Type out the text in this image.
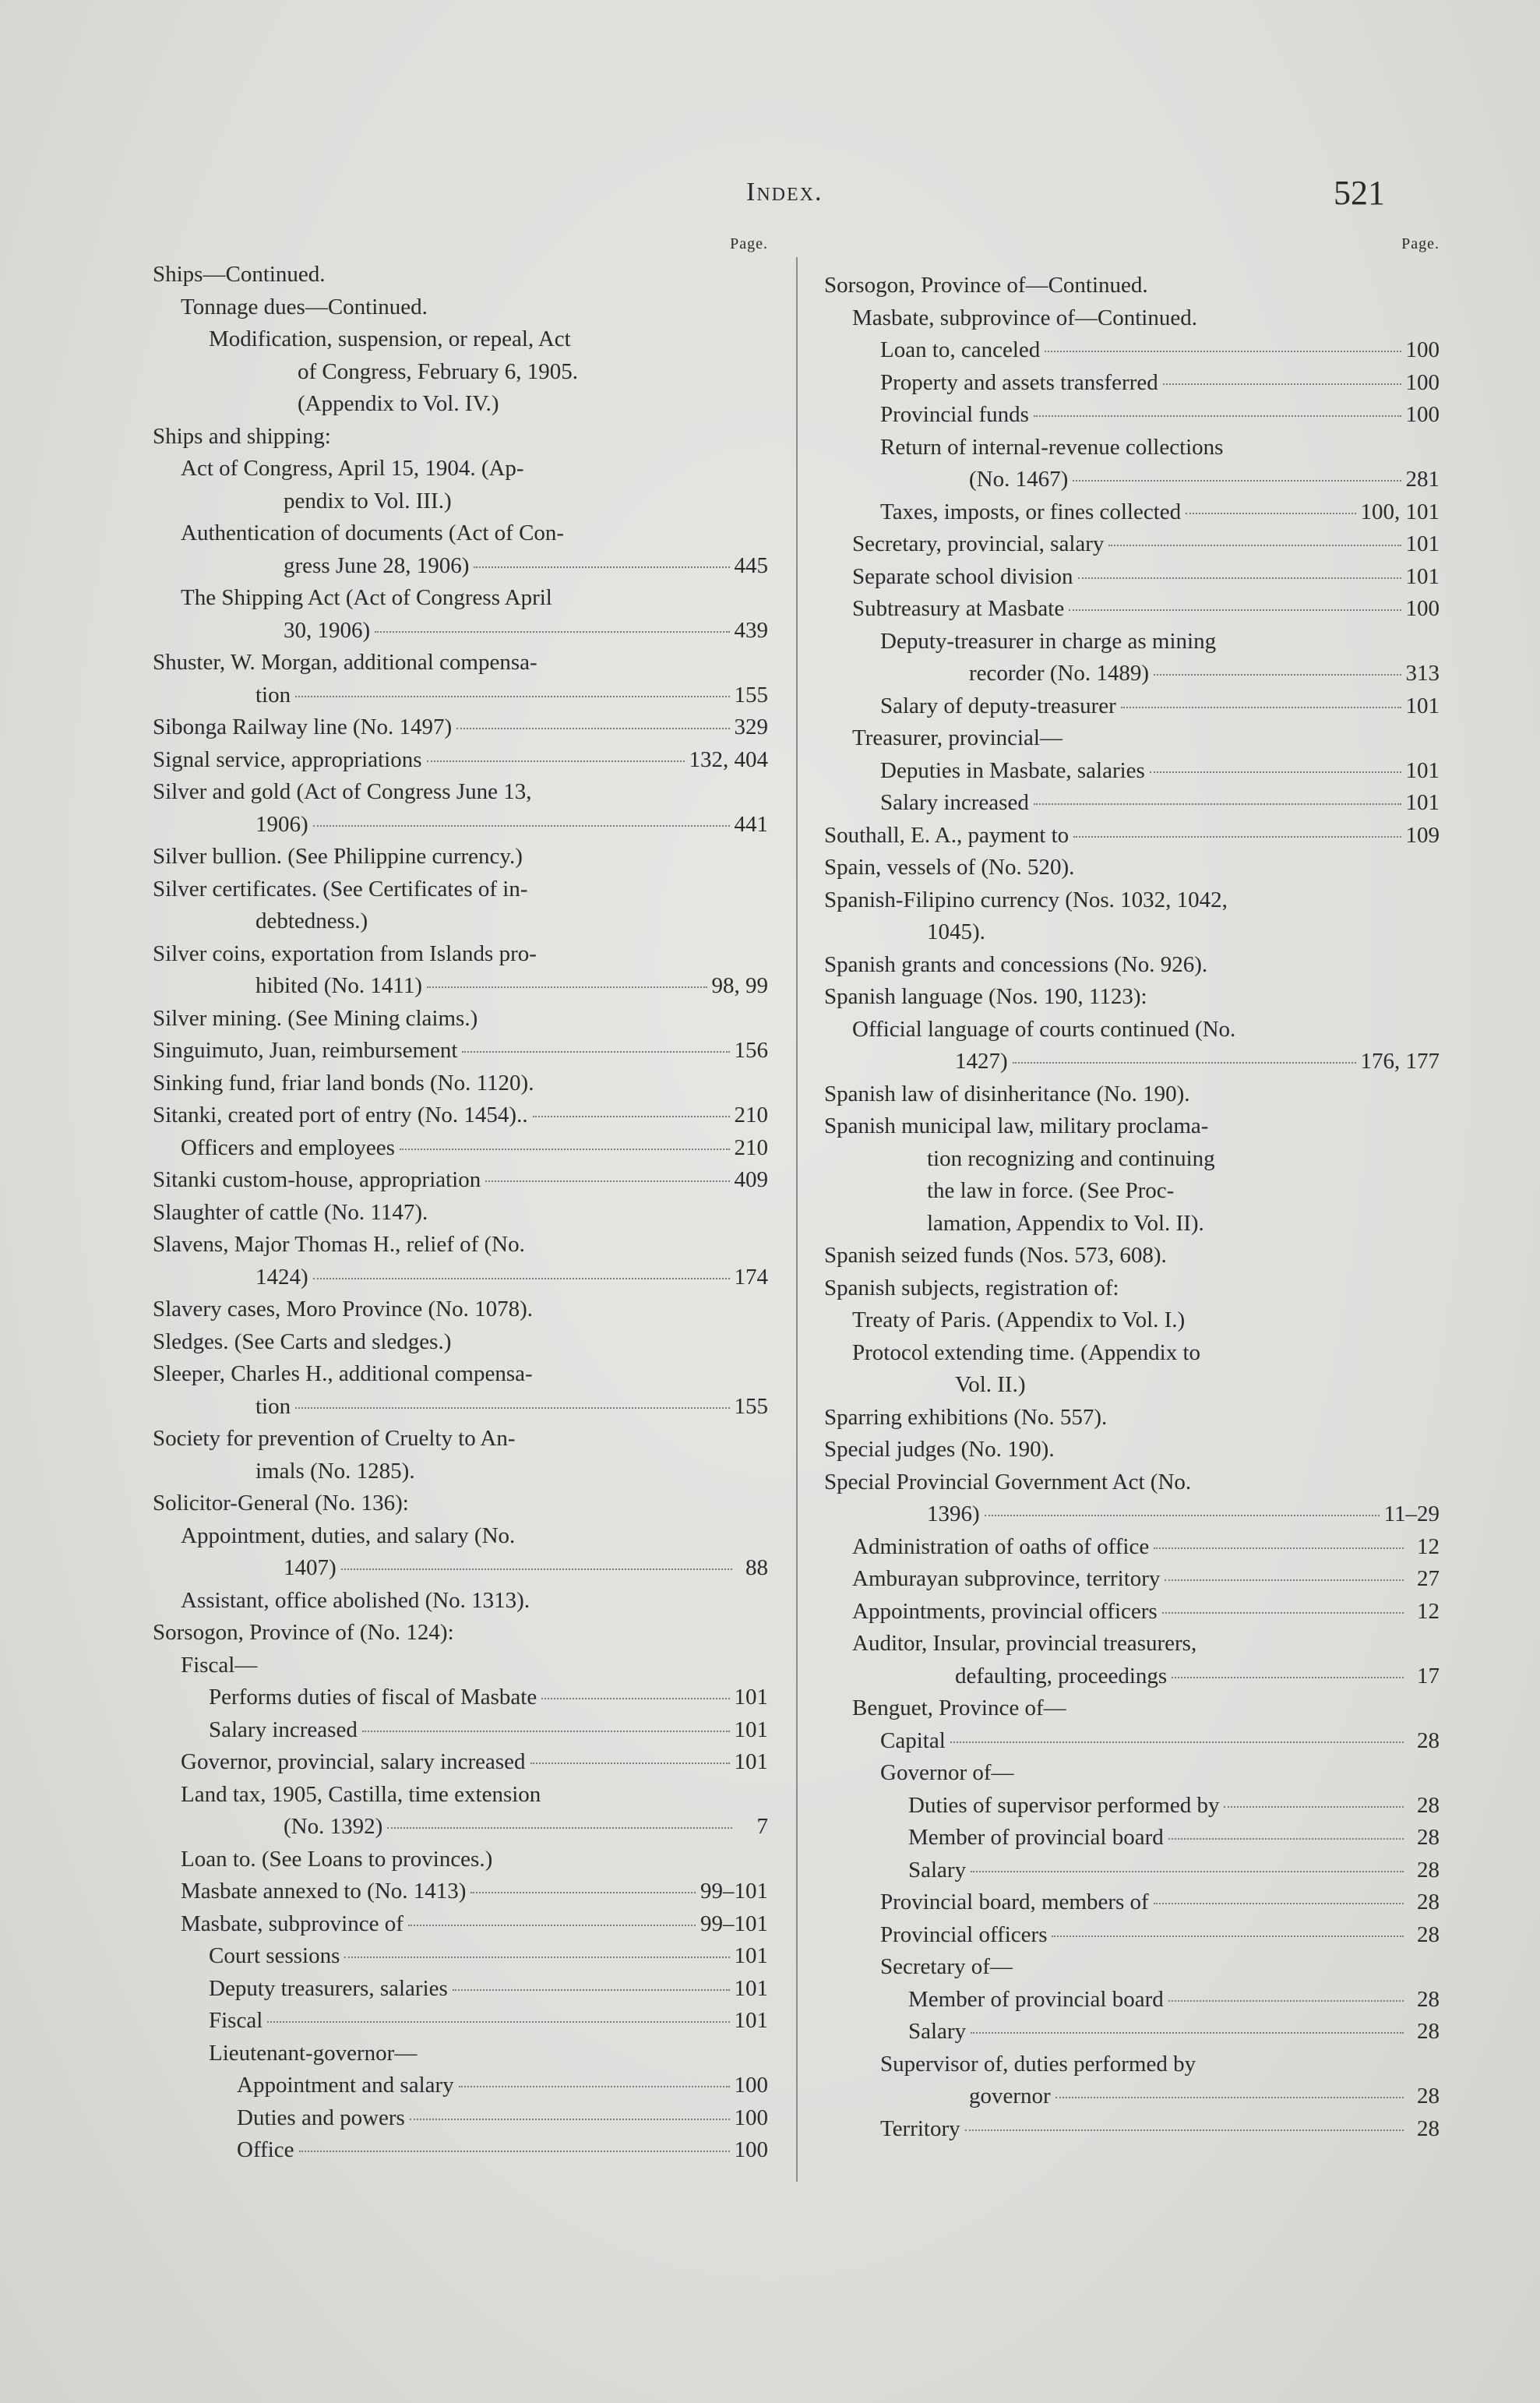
Index.	521
Page.
Ships—Continued.
Tonnage dues—Continued.
Modification, suspension, or repeal, Act
of Congress, February 6, 1905.
(Appendix to Vol. IV.)
Ships and shipping:
Act of Congress, April 15, 1904. (Ap-
pendix to Vol. III.)
Authentication of documents (Act of Con-
gress June 28, 1906)	445
The Shipping Act (Act of Congress April
30, 1906)	439
Shuster, W. Morgan, additional compensa-
tion	155
Sibonga Railway line (No. 1497)	329
Signal service, appropriations	132, 404
Silver and gold (Act of Congress June 13,
1906)	441
Silver bullion. (See Philippine currency.)
Silver certificates. (See Certificates of in-
debtedness.)
Silver coins, exportation from Islands pro-
hibited (No. 1411)	98, 99
Silver mining. (See Mining claims.)
Singuimuto, Juan, reimbursement	156
Sinking fund, friar land bonds (No. 1120).
Sitanki, created port of entry (No. 1454)..	210
Officers and employees	210
Sitanki custom-house, appropriation	409
Slaughter of cattle (No. 1147).
Slavens, Major Thomas H., relief of (No.
1424)	174
Slavery cases, Moro Province (No. 1078).
Sledges. (See Carts and sledges.)
Sleeper, Charles H., additional compensa-
tion	155
Society for prevention of Cruelty to An-
imals (No. 1285).
Solicitor-General (No. 136):
Appointment, duties, and salary (No.
1407)	88
Assistant, office abolished (No. 1313).
Sorsogon, Province of (No. 124):
Fiscal—
Performs duties of fiscal of Masbate	101
Salary increased	101
Governor, provincial, salary increased	101
Land tax, 1905, Castilla, time extension
(No. 1392)	7
Loan to. (See Loans to provinces.)
Masbate annexed to (No. 1413)	99–101
Masbate, subprovince of	99–101
Court sessions	101
Deputy treasurers, salaries	101
Fiscal	101
Lieutenant-governor—
Appointment and salary	100
Duties and powers	100
Office	100
Page.
Sorsogon, Province of—Continued.
Masbate, subprovince of—Continued.
Loan to, canceled	100
Property and assets transferred	100
Provincial funds	100
Return of internal-revenue collections
(No. 1467)	281
Taxes, imposts, or fines collected	100, 101
Secretary, provincial, salary	101
Separate school division	101
Subtreasury at Masbate	100
Deputy-treasurer in charge as mining
recorder (No. 1489)	313
Salary of deputy-treasurer	101
Treasurer, provincial—
Deputies in Masbate, salaries	101
Salary increased	101
Southall, E. A., payment to	109
Spain, vessels of (No. 520).
Spanish-Filipino currency (Nos. 1032, 1042,
1045).
Spanish grants and concessions (No. 926).
Spanish language (Nos. 190, 1123):
Official language of courts continued (No.
1427)	176, 177
Spanish law of disinheritance (No. 190).
Spanish municipal law, military proclama-
tion recognizing and continuing
the law in force. (See Proc-
lamation, Appendix to Vol. II).
Spanish seized funds (Nos. 573, 608).
Spanish subjects, registration of:
Treaty of Paris. (Appendix to Vol. I.)
Protocol extending time. (Appendix to
Vol. II.)
Sparring exhibitions (No. 557).
Special judges (No. 190).
Special Provincial Government Act (No.
1396)	11–29
Administration of oaths of office	12
Amburayan subprovince, territory	27
Appointments, provincial officers	12
Auditor, Insular, provincial treasurers,
defaulting, proceedings	17
Benguet, Province of—
Capital	28
Governor of—
Duties of supervisor performed by	28
Member of provincial board	28
Salary	28
Provincial board, members of	28
Provincial officers	28
Secretary of—
Member of provincial board	28
Salary	28
Supervisor of, duties performed by
governor	28
Territory	28
